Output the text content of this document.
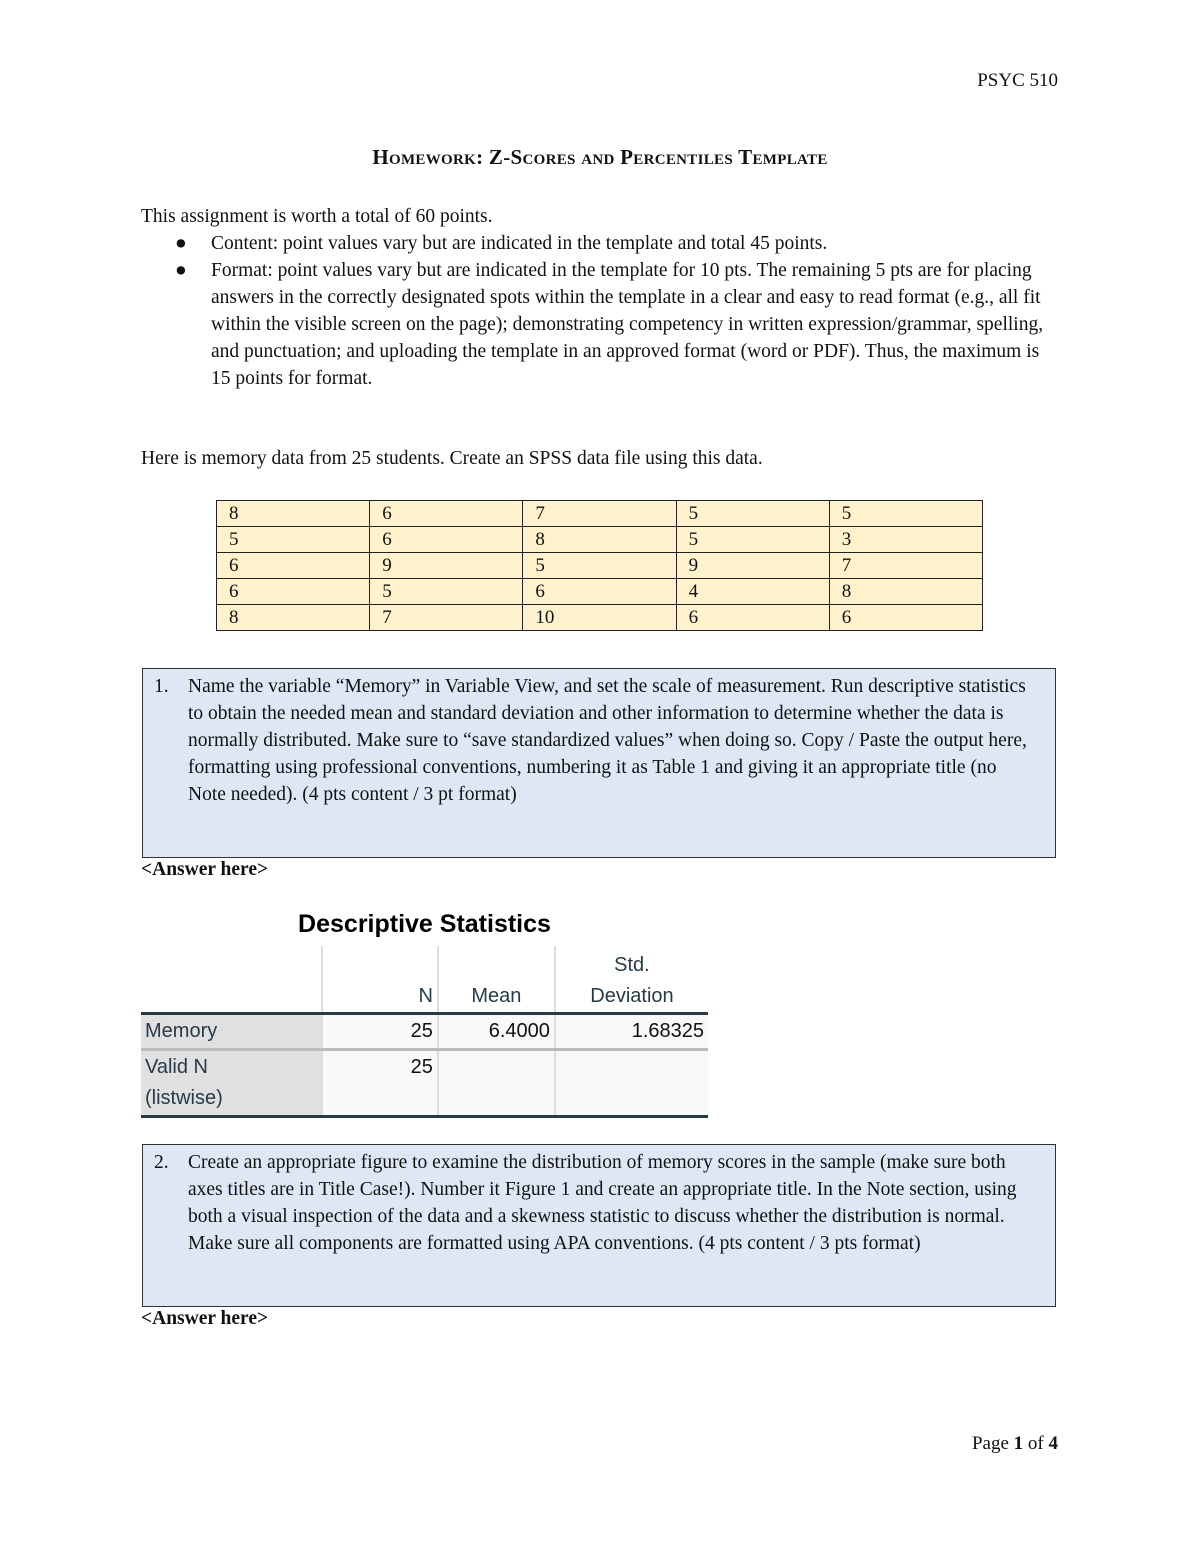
PSYC 510
Homework: Z-Scores and Percentiles Template
This assignment is worth a total of 60 points.
● Content: point values vary but are indicated in the template and total 45 points.
● Format: point values vary but are indicated in the template for 10 pts. The remaining 5 pts are for placing answers in the correctly designated spots within the template in a clear and easy to read format (e.g., all fit within the visible screen on the page); demonstrating competency in written expression/grammar, spelling, and punctuation; and uploading the template in an approved format (word or PDF). Thus, the maximum is 15 points for format.
Here is memory data from 25 students. Create an SPSS data file using this data.
8	6	7	5	5
5	6	8	5	3
6	9	5	9	7
6	5	6	4	8
8	7	10	6	6
1. Name the variable “Memory” in Variable View, and set the scale of measurement. Run descriptive statistics to obtain the needed mean and standard deviation and other information to determine whether the data is normally distributed. Make sure to “save standardized values” when doing so. Copy / Paste the output here, formatting using professional conventions, numbering it as Table 1 and giving it an appropriate title (no Note needed). (4 pts content / 3 pt format)
<Answer here>
Descriptive Statistics
	N	Mean	Std. Deviation

Memory	25	6.4000	1.68325

Valid N (listwise)	25		
2. Create an appropriate figure to examine the distribution of memory scores in the sample (make sure both axes titles are in Title Case!). Number it Figure 1 and create an appropriate title. In the Note section, using both a visual inspection of the data and a skewness statistic to discuss whether the distribution is normal. Make sure all components are formatted using APA conventions. (4 pts content / 3 pts format)
<Answer here>
Page 1 of 4
